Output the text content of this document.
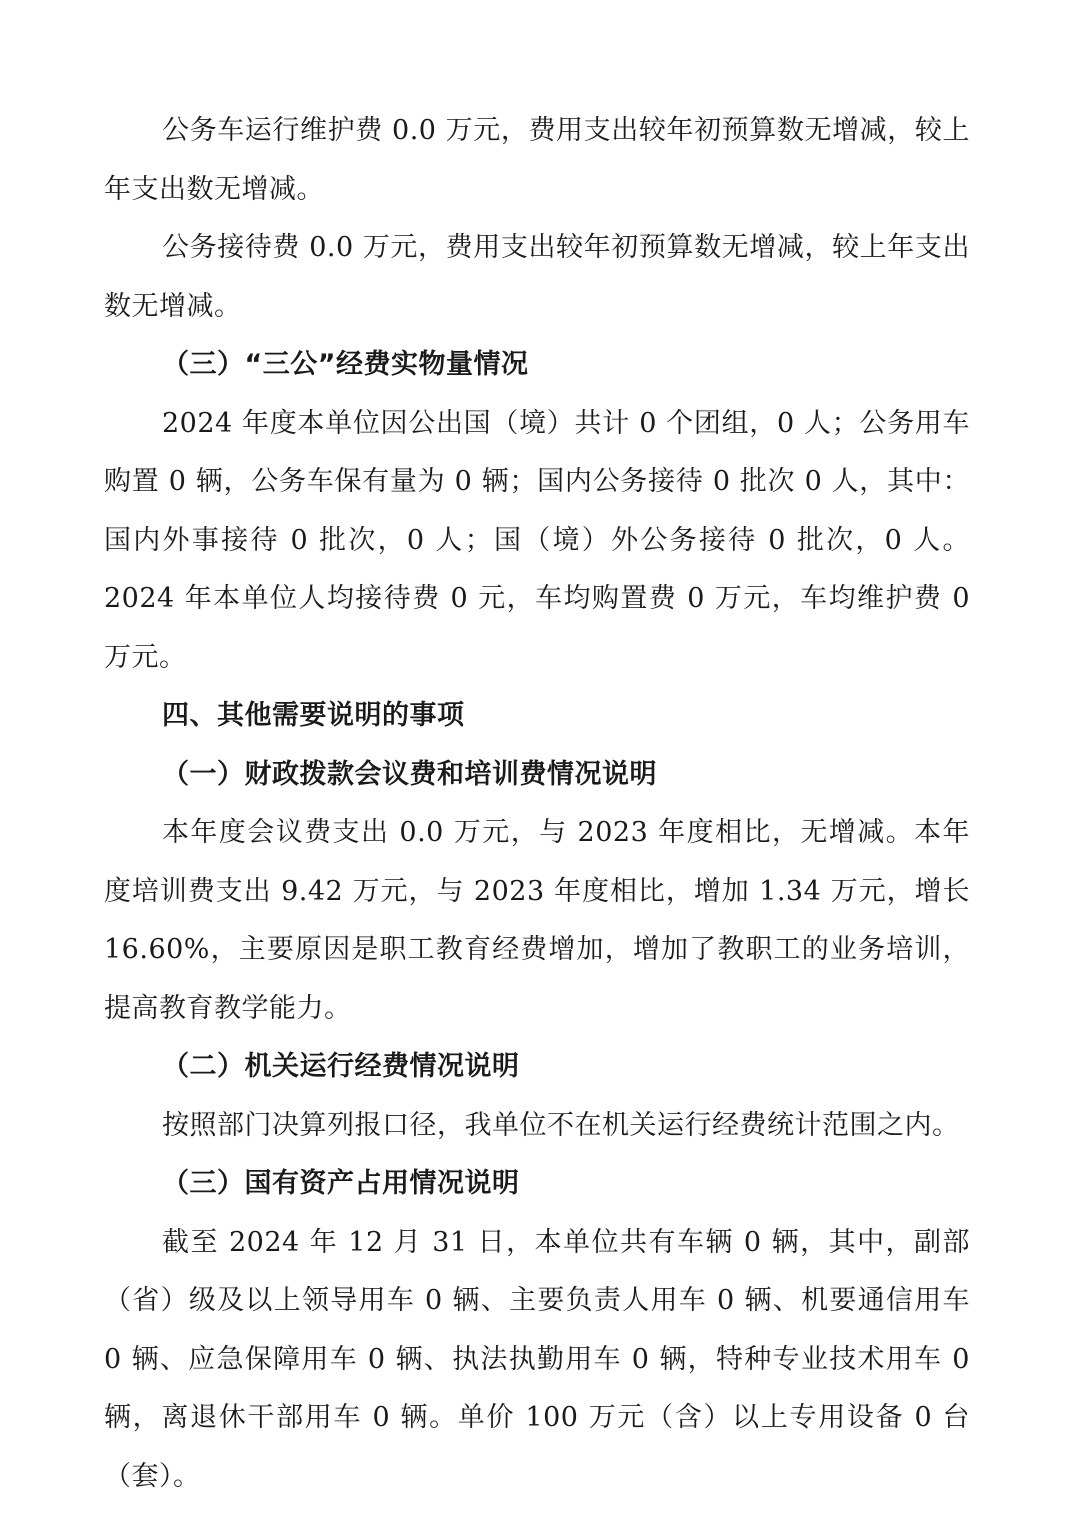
公务车运行维护费 0.0 万元，费用支出较年初预算数无增减，较上年支出数无增减。

公务接待费 0.0 万元，费用支出较年初预算数无增减，较上年支出数无增减。

（三）“三公”经费实物量情况

2024 年度本单位因公出国（境）共计 0 个团组，0 人；公务用车购置 0 辆，公务车保有量为 0 辆；国内公务接待 0 批次 0 人，其中：国内外事接待 0 批次，0 人；国（境）外公务接待 0 批次，0 人。2024 年本单位人均接待费 0 元，车均购置费 0 万元，车均维护费 0 万元。

四、其他需要说明的事项

（一）财政拨款会议费和培训费情况说明

本年度会议费支出 0.0 万元，与 2023 年度相比，无增减。本年度培训费支出 9.42 万元，与 2023 年度相比，增加 1.34 万元，增长 16.60%，主要原因是职工教育经费增加，增加了教职工的业务培训，提高教育教学能力。

（二）机关运行经费情况说明

按照部门决算列报口径，我单位不在机关运行经费统计范围之内。

（三）国有资产占用情况说明

截至 2024 年 12 月 31 日，本单位共有车辆 0 辆，其中，副部（省）级及以上领导用车 0 辆、主要负责人用车 0 辆、机要通信用车 0 辆、应急保障用车 0 辆、执法执勤用车 0 辆，特种专业技术用车 0 辆，离退休干部用车 0 辆。单价 100 万元（含）以上专用设备 0 台（套）。
